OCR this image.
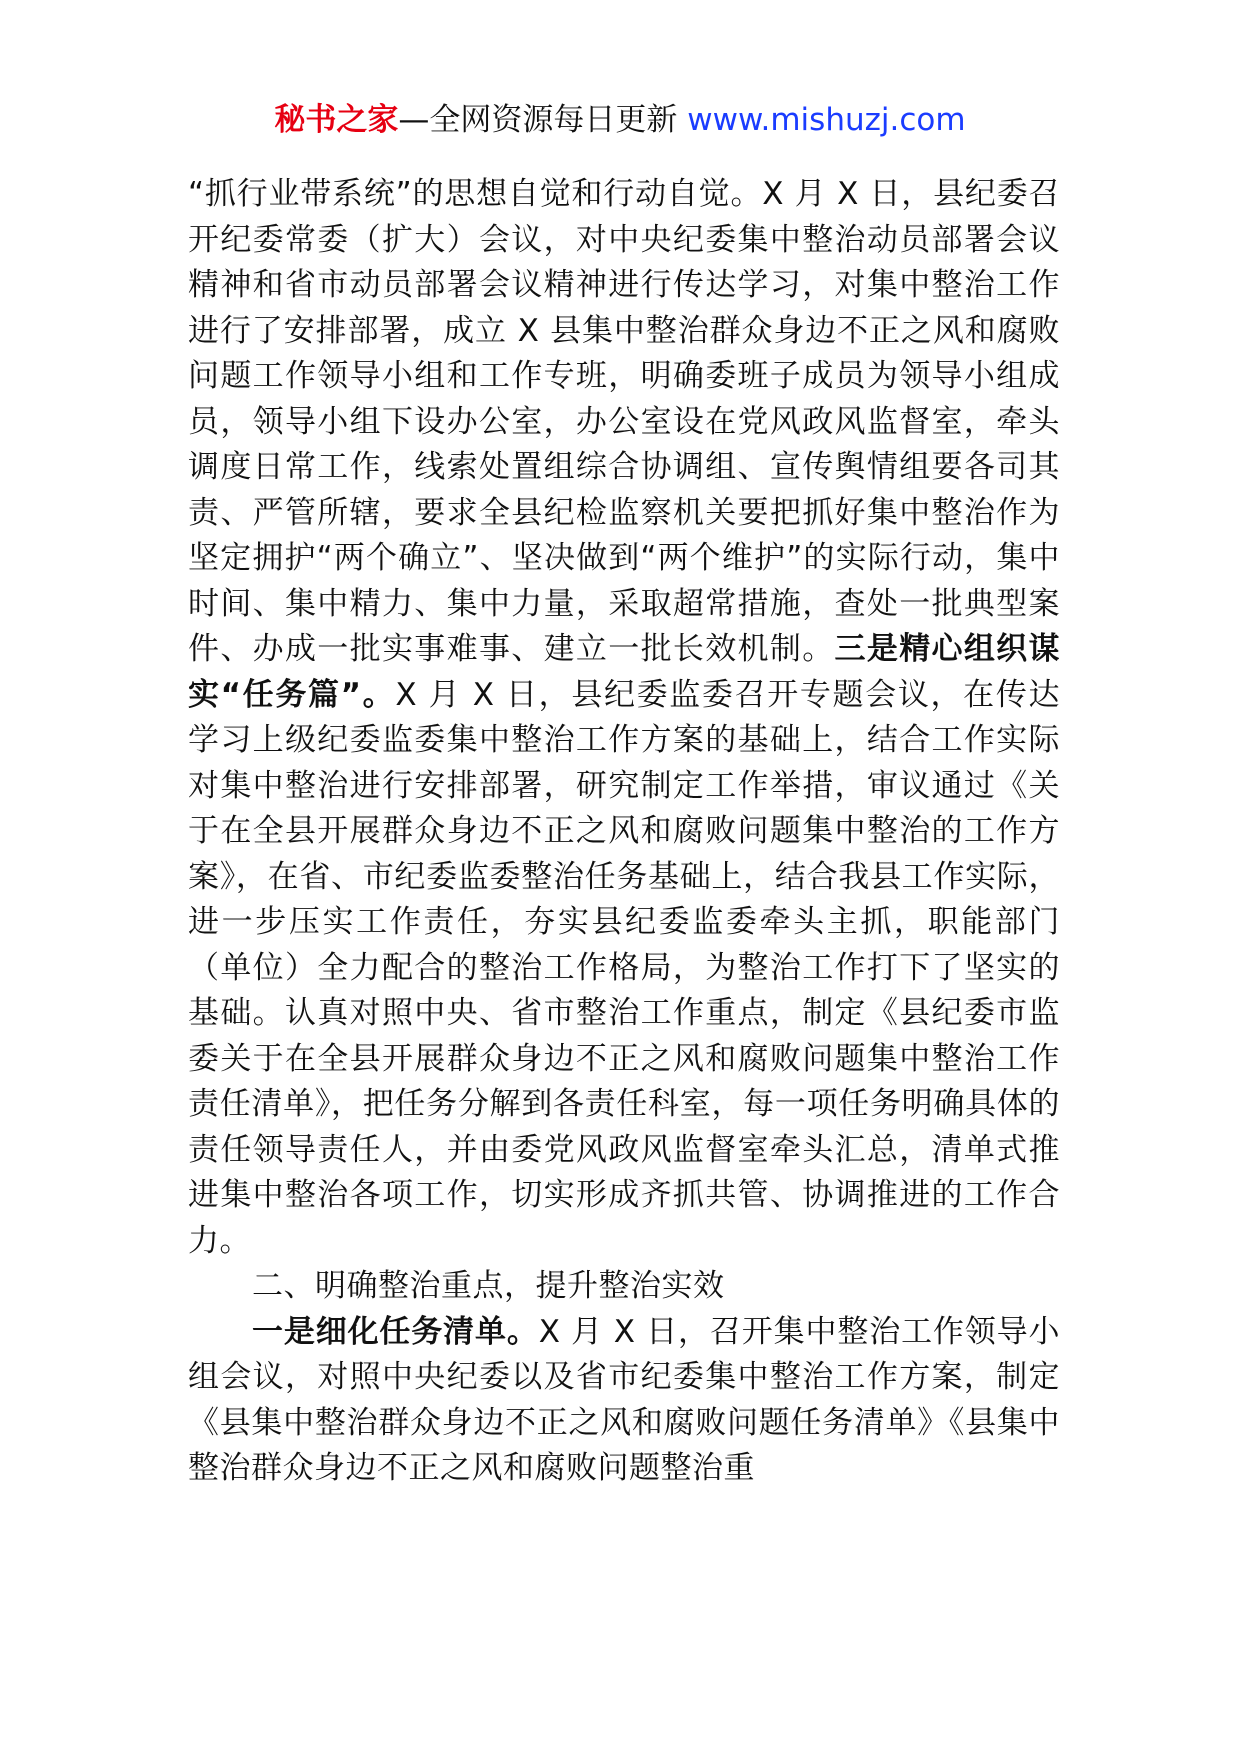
秘书之家—全网资源每日更新 www.mishuzj.com

“抓行业带系统”的思想自觉和行动自觉。X 月 X 日，县纪委召开纪委常委（扩大）会议，对中央纪委集中整治动员部署会议精神和省市动员部署会议精神进行传达学习，对集中整治工作进行了安排部署，成立 X 县集中整治群众身边不正之风和腐败问题工作领导小组和工作专班，明确委班子成员为领导小组成员，领导小组下设办公室，办公室设在党风政风监督室，牵头调度日常工作，线索处置组综合协调组、宣传舆情组要各司其责、严管所辖，要求全县纪检监察机关要把抓好集中整治作为坚定拥护“两个确立”、坚决做到“两个维护”的实际行动，集中时间、集中精力、集中力量，采取超常措施，查处一批典型案件、办成一批实事难事、建立一批长效机制。三是精心组织谋实“任务篇”。X 月 X 日，县纪委监委召开专题会议，在传达学习上级纪委监委集中整治工作方案的基础上，结合工作实际对集中整治进行安排部署，研究制定工作举措，审议通过《关于在全县开展群众身边不正之风和腐败问题集中整治的工作方案》，在省、市纪委监委整治任务基础上，结合我县工作实际，进一步压实工作责任，夯实县纪委监委牵头主抓，职能部门（单位）全力配合的整治工作格局，为整治工作打下了坚实的基础。认真对照中央、省市整治工作重点，制定《县纪委市监委关于在全县开展群众身边不正之风和腐败问题集中整治工作责任清单》，把任务分解到各责任科室，每一项任务明确具体的责任领导责任人，并由委党风政风监督室牵头汇总，清单式推进集中整治各项工作，切实形成齐抓共管、协调推进的工作合力。

二、明确整治重点，提升整治实效

一是细化任务清单。X 月 X 日，召开集中整治工作领导小组会议，对照中央纪委以及省市纪委集中整治工作方案，制定《县集中整治群众身边不正之风和腐败问题任务清单》《县集中整治群众身边不正之风和腐败问题整治重
